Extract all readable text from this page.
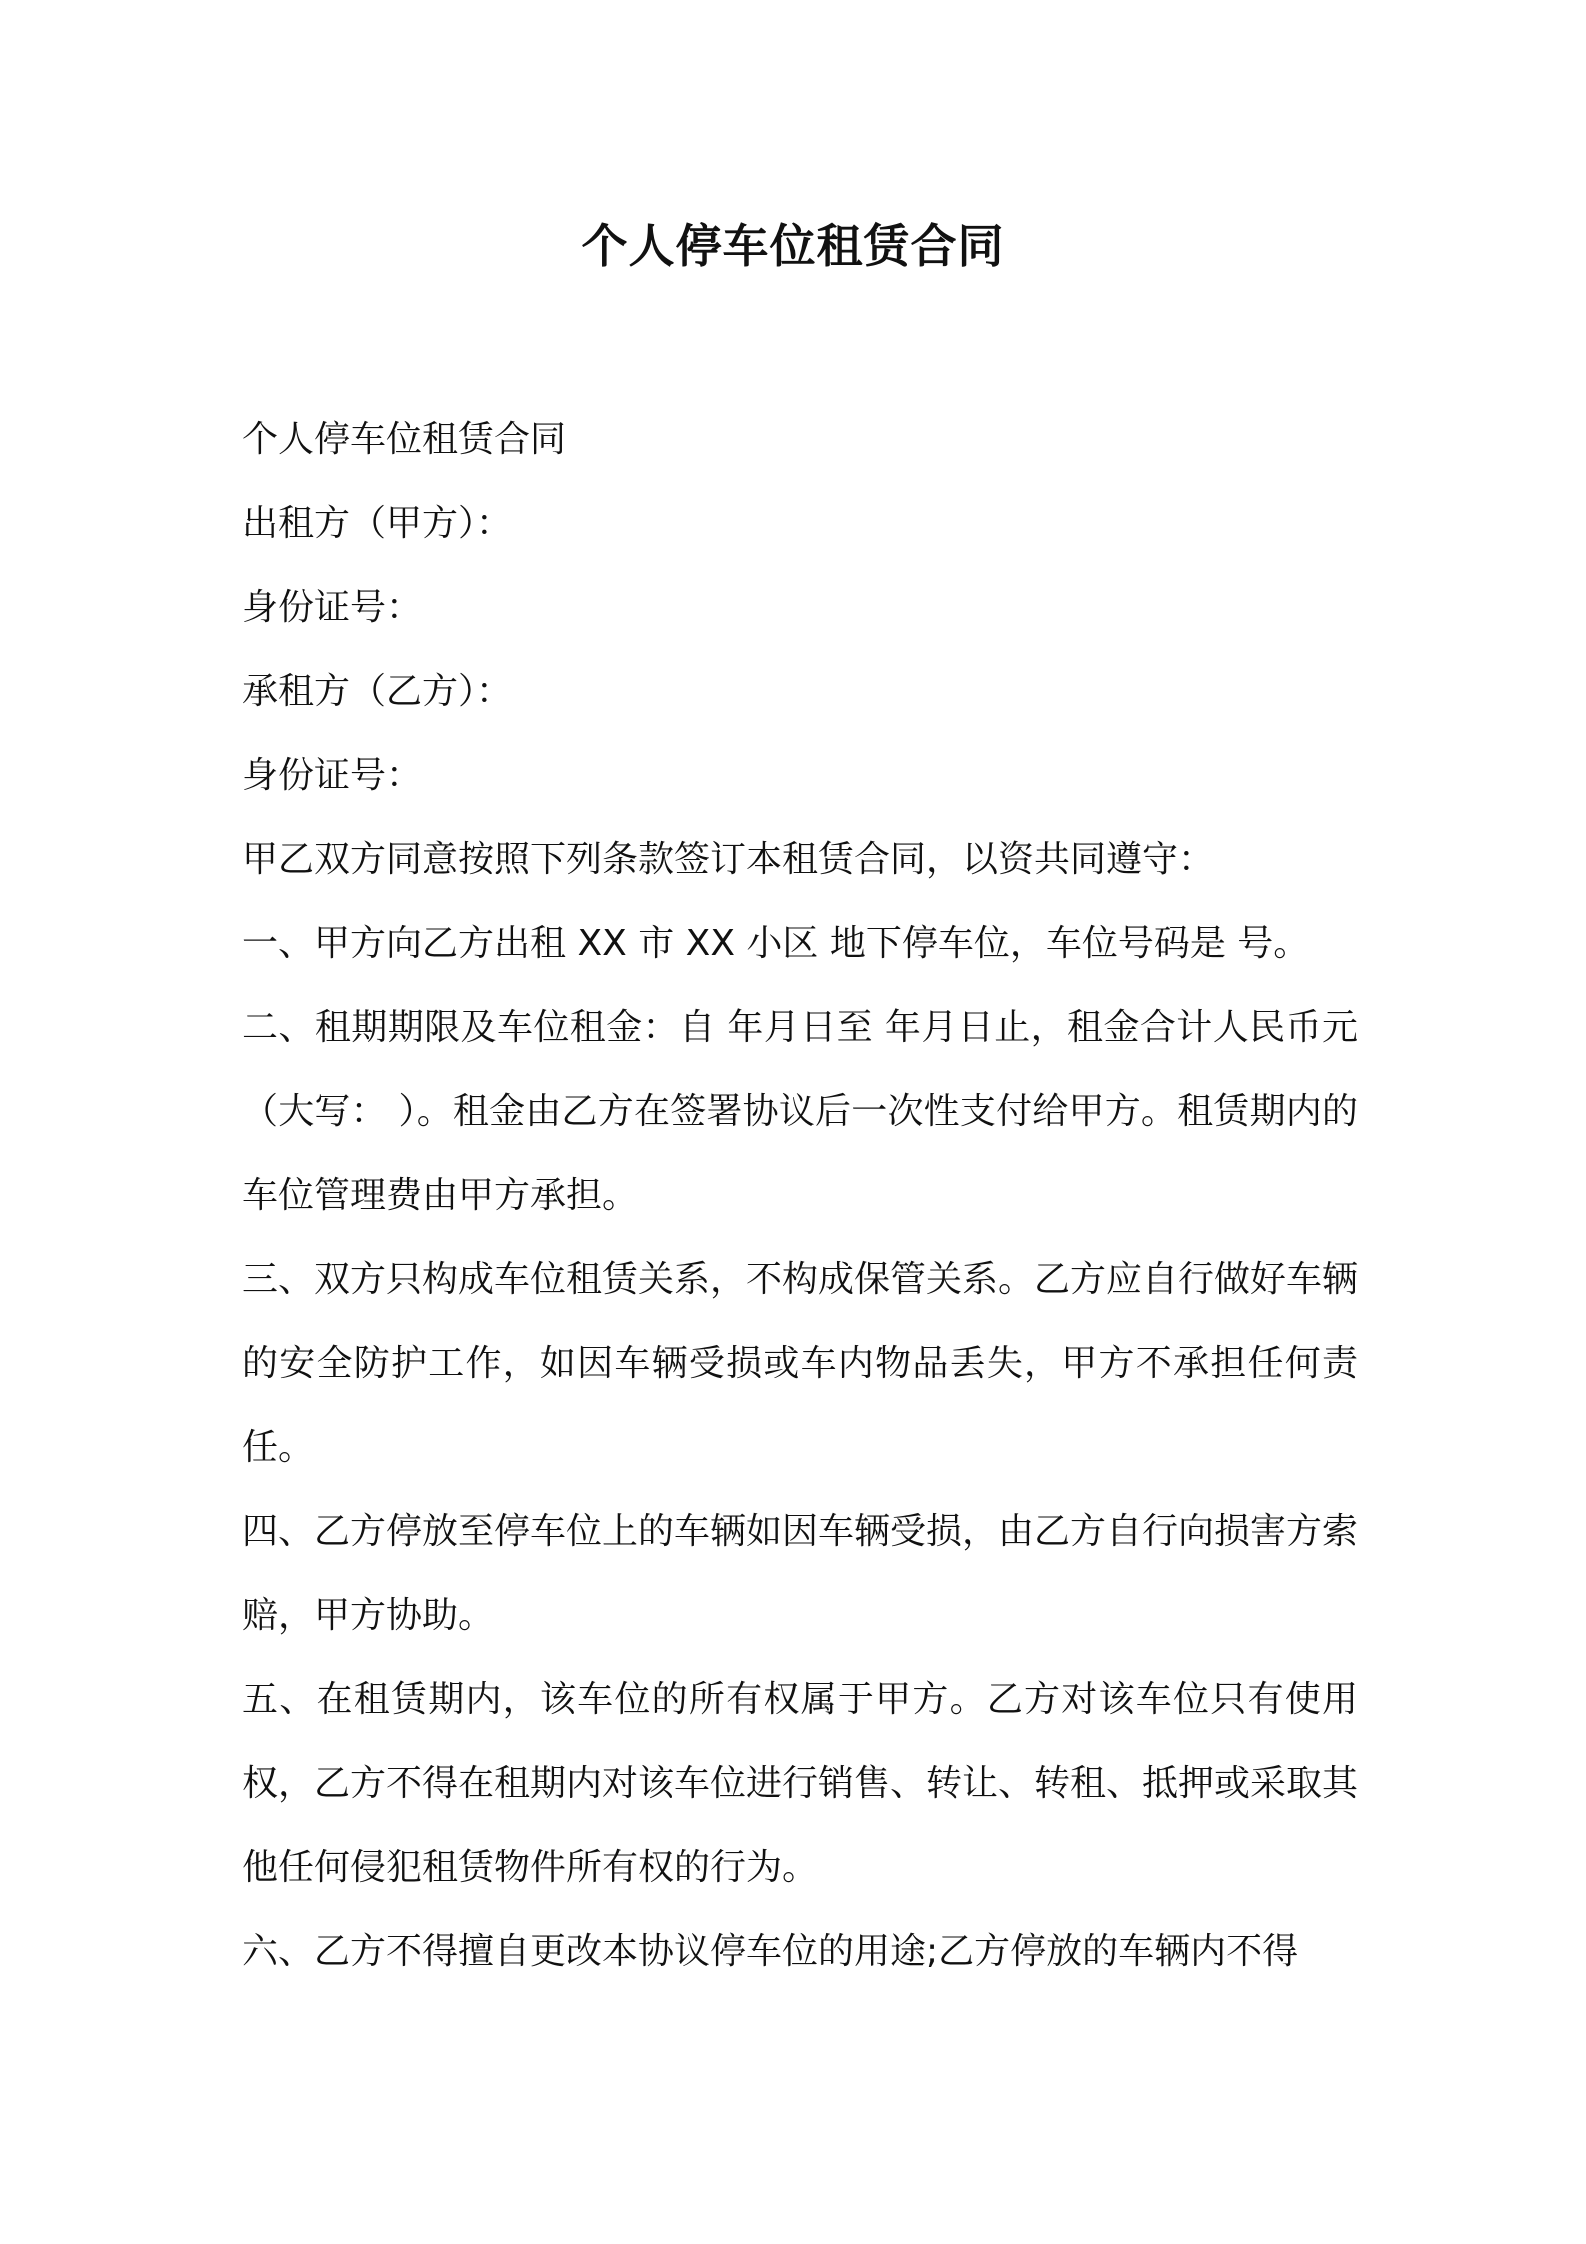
个人停车位租赁合同

个人停车位租赁合同

出租方（甲方）：

身份证号：

承租方（乙方）：

身份证号：

甲乙双方同意按照下列条款签订本租赁合同，以资共同遵守：

一、甲方向乙方出租 XX 市 XX 小区 地下停车位，车位号码是 号。

二、租期期限及车位租金：自 年月日至 年月日止，租金合计人民币元（大写： ）。租金由乙方在签署协议后一次性支付给甲方。租赁期内的车位管理费由甲方承担。

三、双方只构成车位租赁关系，不构成保管关系。乙方应自行做好车辆的安全防护工作，如因车辆受损或车内物品丢失，甲方不承担任何责任。

四、乙方停放至停车位上的车辆如因车辆受损，由乙方自行向损害方索赔，甲方协助。

五、在租赁期内，该车位的所有权属于甲方。乙方对该车位只有使用权，乙方不得在租期内对该车位进行销售、转让、转租、抵押或采取其他任何侵犯租赁物件所有权的行为。

六、乙方不得擅自更改本协议停车位的用途;乙方停放的车辆内不得
